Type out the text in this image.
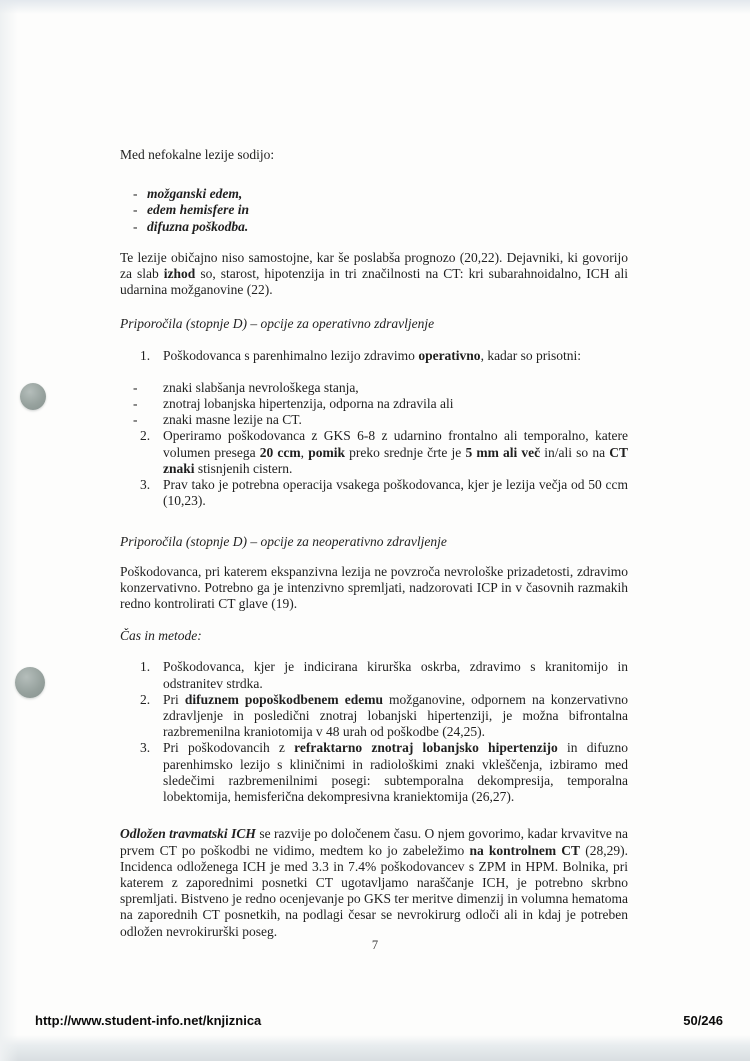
Med nefokalne lezije sodijo:

- možganski edem,
- edem hemisfere in
- difuzna poškodba.

Te lezije običajno niso samostojne, kar še poslabša prognozo (20,22). Dejavniki, ki govorijo za slab izhod so, starost, hipotenzija in tri značilnosti na CT: kri subarahnoidalno, ICH ali udarnina možganovine (22).

Priporočila (stopnje D) – opcije za operativno zdravljenje

1. Poškodovanca s parenhimalno lezijo zdravimo operativno, kadar so prisotni:
- znaki slabšanja nevrološkega stanja,
- znotraj lobanjska hipertenzija, odporna na zdravila ali
- znaki masne lezije na CT.
2. Operiramo poškodovanca z GKS 6-8 z udarnino frontalno ali temporalno, katere volumen presega 20 ccm, pomik preko srednje črte je 5 mm ali več in/ali so na CT znaki stisnjenih cistern.
3. Prav tako je potrebna operacija vsakega poškodovanca, kjer je lezija večja od 50 ccm (10,23).

Priporočila (stopnje D) – opcije za neoperativno zdravljenje

Poškodovanca, pri katerem ekspanzivna lezija ne povzroča nevrološke prizadetosti, zdravimo konzervativno. Potrebno ga je intenzivno spremljati, nadzorovati ICP in v časovnih razmakih redno kontrolirati CT glave (19).

Čas in metode:

1. Poškodovanca, kjer je indicirana kirurška oskrba, zdravimo s kranitomijo in odstranitev strdka.
2. Pri difuznem popoškodbenem edemu možganovine, odpornem na konzervativno zdravljenje in posledični znotraj lobanjski hipertenziji, je možna bifrontalna razbremenilna kraniotomija v 48 urah od poškodbe (24,25).
3. Pri poškodovancih z refraktarno znotraj lobanjsko hipertenzijo in difuzno parenhimsko lezijo s kliničnimi in radiološkimi znaki vkleščenja, izbiramo med sledečimi razbremenilnimi posegi: subtemporalna dekompresija, temporalna lobektomija, hemisferična dekompresivna kraniektomija (26,27).

Odložen travmatski ICH se razvije po določenem času. O njem govorimo, kadar krvavitve na prvem CT po poškodbi ne vidimo, medtem ko jo zabeležimo na kontrolnem CT (28,29). Incidenca odloženega ICH je med 3.3 in 7.4% poškodovancev s ZPM in HPM. Bolnika, pri katerem z zaporednimi posnetki CT ugotavljamo naraščanje ICH, je potrebno skrbno spremljati. Bistveno je redno ocenjevanje po GKS ter meritve dimenzij in volumna hematoma na zaporednih CT posnetkih, na podlagi česar se nevrokirurg odloči ali in kdaj je potreben odložen nevrokirurški poseg.

7
http://www.student-info.net/knjiznica	50/246
